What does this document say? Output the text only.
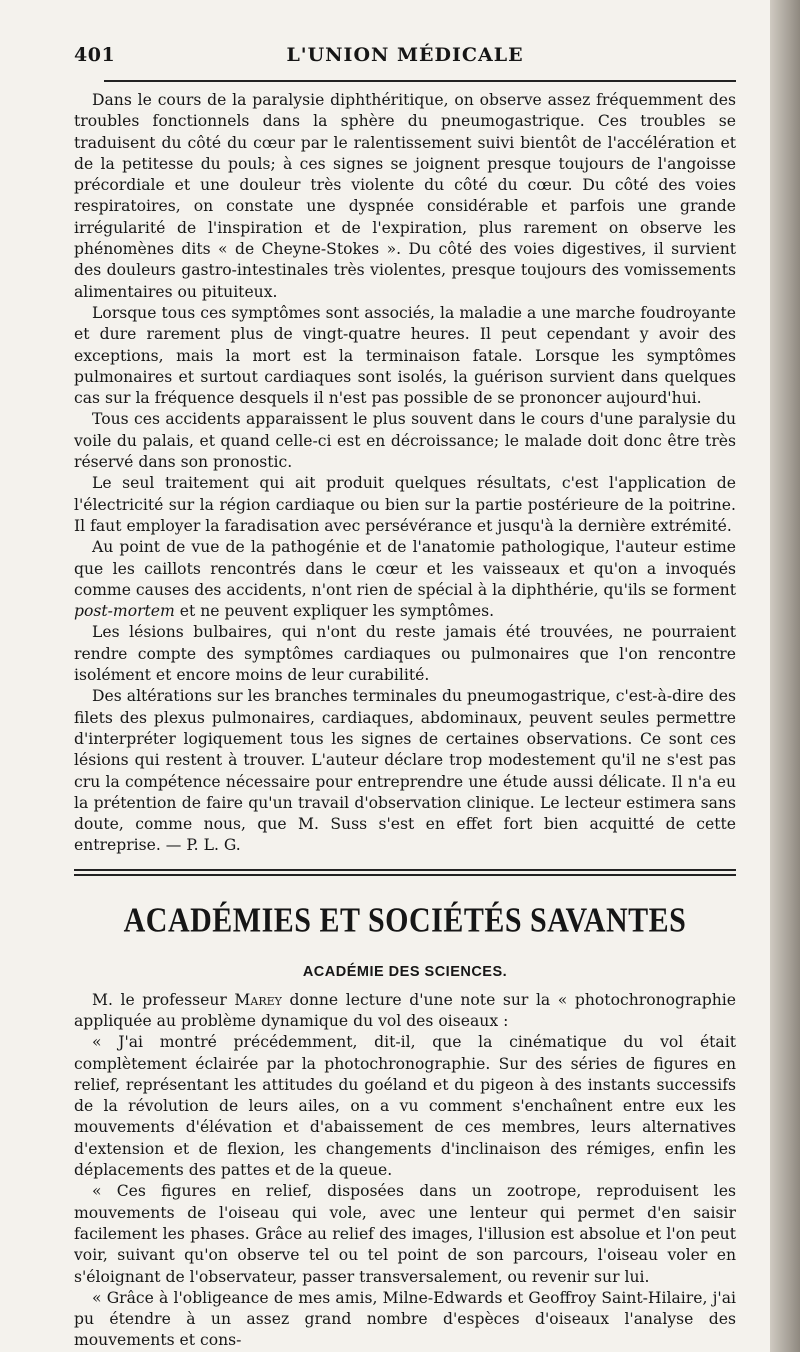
401	L'UNION MÉDICALE

Dans le cours de la paralysie diphthéritique, on observe assez fréquemment des troubles fonctionnels dans la sphère du pneumogastrique. Ces troubles se traduisent du côté du cœur par le ralentissement suivi bientôt de l'accélération et de la petitesse du pouls; à ces signes se joignent presque toujours de l'angoisse précordiale et une douleur très violente du côté du cœur. Du côté des voies respiratoires, on constate une dyspnée considérable et parfois une grande irrégularité de l'inspiration et de l'expiration, plus rarement on observe les phénomènes dits « de Cheyne-Stokes ». Du côté des voies digestives, il survient des douleurs gastro-intestinales très violentes, presque toujours des vomissements alimentaires ou pituiteux.

Lorsque tous ces symptômes sont associés, la maladie a une marche foudroyante et dure rarement plus de vingt-quatre heures. Il peut cependant y avoir des exceptions, mais la mort est la terminaison fatale. Lorsque les symptômes pulmonaires et surtout cardiaques sont isolés, la guérison survient dans quelques cas sur la fréquence desquels il n'est pas possible de se prononcer aujourd'hui.

Tous ces accidents apparaissent le plus souvent dans le cours d'une paralysie du voile du palais, et quand celle-ci est en décroissance; le malade doit donc être très réservé dans son pronostic.

Le seul traitement qui ait produit quelques résultats, c'est l'application de l'électricité sur la région cardiaque ou bien sur la partie postérieure de la poitrine. Il faut employer la faradisation avec persévérance et jusqu'à la dernière extrémité.

Au point de vue de la pathogénie et de l'anatomie pathologique, l'auteur estime que les caillots rencontrés dans le cœur et les vaisseaux et qu'on a invoqués comme causes des accidents, n'ont rien de spécial à la diphthérie, qu'ils se forment post-mortem et ne peuvent expliquer les symptômes.

Les lésions bulbaires, qui n'ont du reste jamais été trouvées, ne pourraient rendre compte des symptômes cardiaques ou pulmonaires que l'on rencontre isolément et encore moins de leur curabilité.

Des altérations sur les branches terminales du pneumogastrique, c'est-à-dire des filets des plexus pulmonaires, cardiaques, abdominaux, peuvent seules permettre d'interpréter logiquement tous les signes de certaines observations. Ce sont ces lésions qui restent à trouver. L'auteur déclare trop modestement qu'il ne s'est pas cru la compétence nécessaire pour entreprendre une étude aussi délicate. Il n'a eu la prétention de faire qu'un travail d'observation clinique. Le lecteur estimera sans doute, comme nous, que M. Suss s'est en effet fort bien acquitté de cette entreprise. — P. L. G.

ACADÉMIES ET SOCIÉTÉS SAVANTES
ACADÉMIE DES SCIENCES.

M. le professeur Marey donne lecture d'une note sur la « photochronographie appliquée au problème dynamique du vol des oiseaux :

« J'ai montré précédemment, dit-il, que la cinématique du vol était complètement éclairée par la photochronographie. Sur des séries de figures en relief, représentant les attitudes du goéland et du pigeon à des instants successifs de la révolution de leurs ailes, on a vu comment s'enchaînent entre eux les mouvements d'élévation et d'abaissement de ces membres, leurs alternatives d'extension et de flexion, les changements d'inclinaison des rémiges, enfin les déplacements des pattes et de la queue.

« Ces figures en relief, disposées dans un zootrope, reproduisent les mouvements de l'oiseau qui vole, avec une lenteur qui permet d'en saisir facilement les phases. Grâce au relief des images, l'illusion est absolue et l'on peut voir, suivant qu'on observe tel ou tel point de son parcours, l'oiseau voler en s'éloignant de l'observateur, passer transversalement, ou revenir sur lui.

« Grâce à l'obligeance de mes amis, Milne-Edwards et Geoffroy Saint-Hilaire, j'ai pu étendre à un assez grand nombre d'espèces d'oiseaux l'analyse des mouvements et cons-
